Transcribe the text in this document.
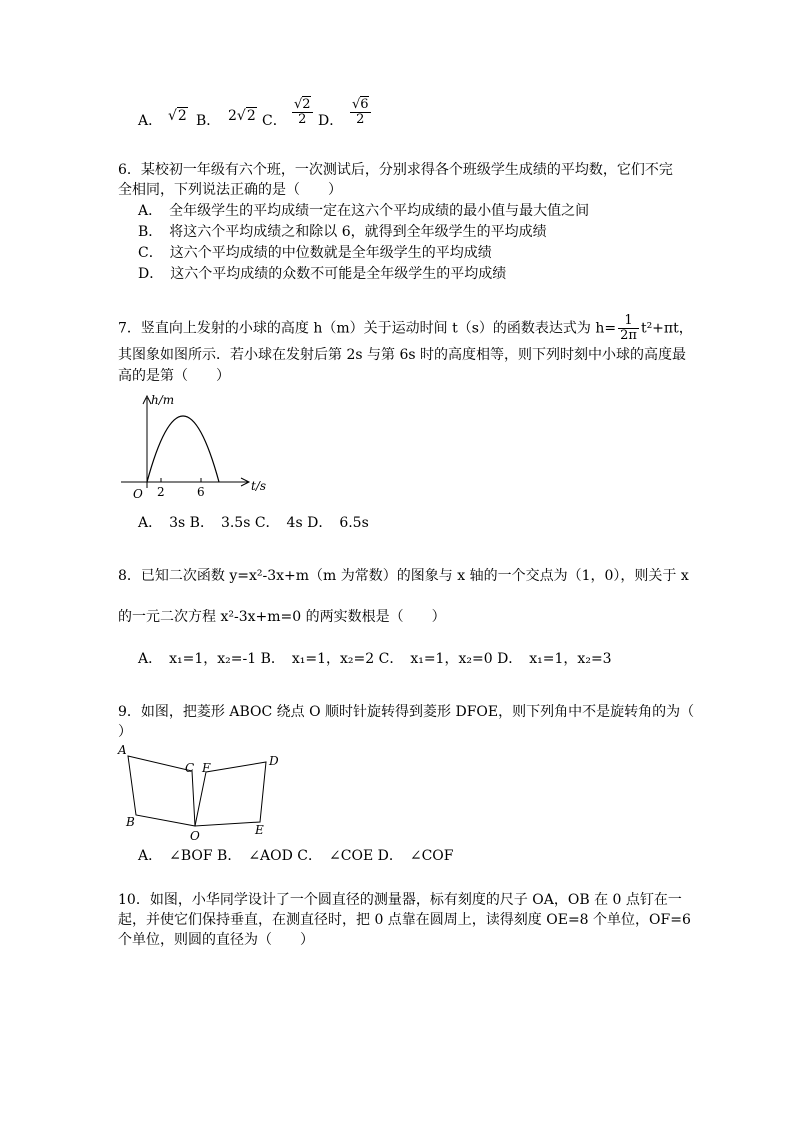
A． √2 B． 2√2 C． $\frac{√2}{2}$ D． $\frac{√6}{2}$
6．某校初一年级有六个班，一次测试后，分别求得各个班级学生成绩的平均数，它们不完
全相同，下列说法正确的是（　　）
A．　全年级学生的平均成绩一定在这六个平均成绩的最小值与最大值之间
B．　将这六个平均成绩之和除以 6，就得到全年级学生的平均成绩
C．　这六个平均成绩的中位数就是全年级学生的平均成绩
D．　这六个平均成绩的众数不可能是全年级学生的平均成绩
7．竖直向上发射的小球的高度 h（m）关于运动时间 t（s）的函数表达式为 $h= \frac{1}{2\pi} t^2+\pi t$，
其图象如图所示．若小球在发射后第 2s 与第 6s 时的高度相等，则下列时刻中小球的高度最
高的是第（　　）
h/m
t/s
O 2	6
A．　3s B．　3.5s C．　4s D．　6.5s
8．已知二次函数 y=x²-3x+m（m 为常数）的图象与 x 轴的一个交点为（1，0），则关于 x
的一元二次方程 x²-3x+m=0 的两实数根是（　　）
A．　x₁=1，x₂=-1 B．　x₁=1，x₂=2 C．　x₁=1，x₂=0 D．　x₁=1，x₂=3
9．如图，把菱形 ABOC 绕点 O 顺时针旋转得到菱形 DFOE，则下列角中不是旋转角的为（
）
A
B
C F	D
E
O
A．　∠BOF B．　∠AOD C．　∠COE D．　∠COF
10．如图，小华同学设计了一个圆直径的测量器，标有刻度的尺子 OA，OB 在 0 点钉在一
起，并使它们保持垂直，在测直径时，把 0 点靠在圆周上，读得刻度 OE=8 个单位，OF=6
个单位，则圆的直径为（　　）
